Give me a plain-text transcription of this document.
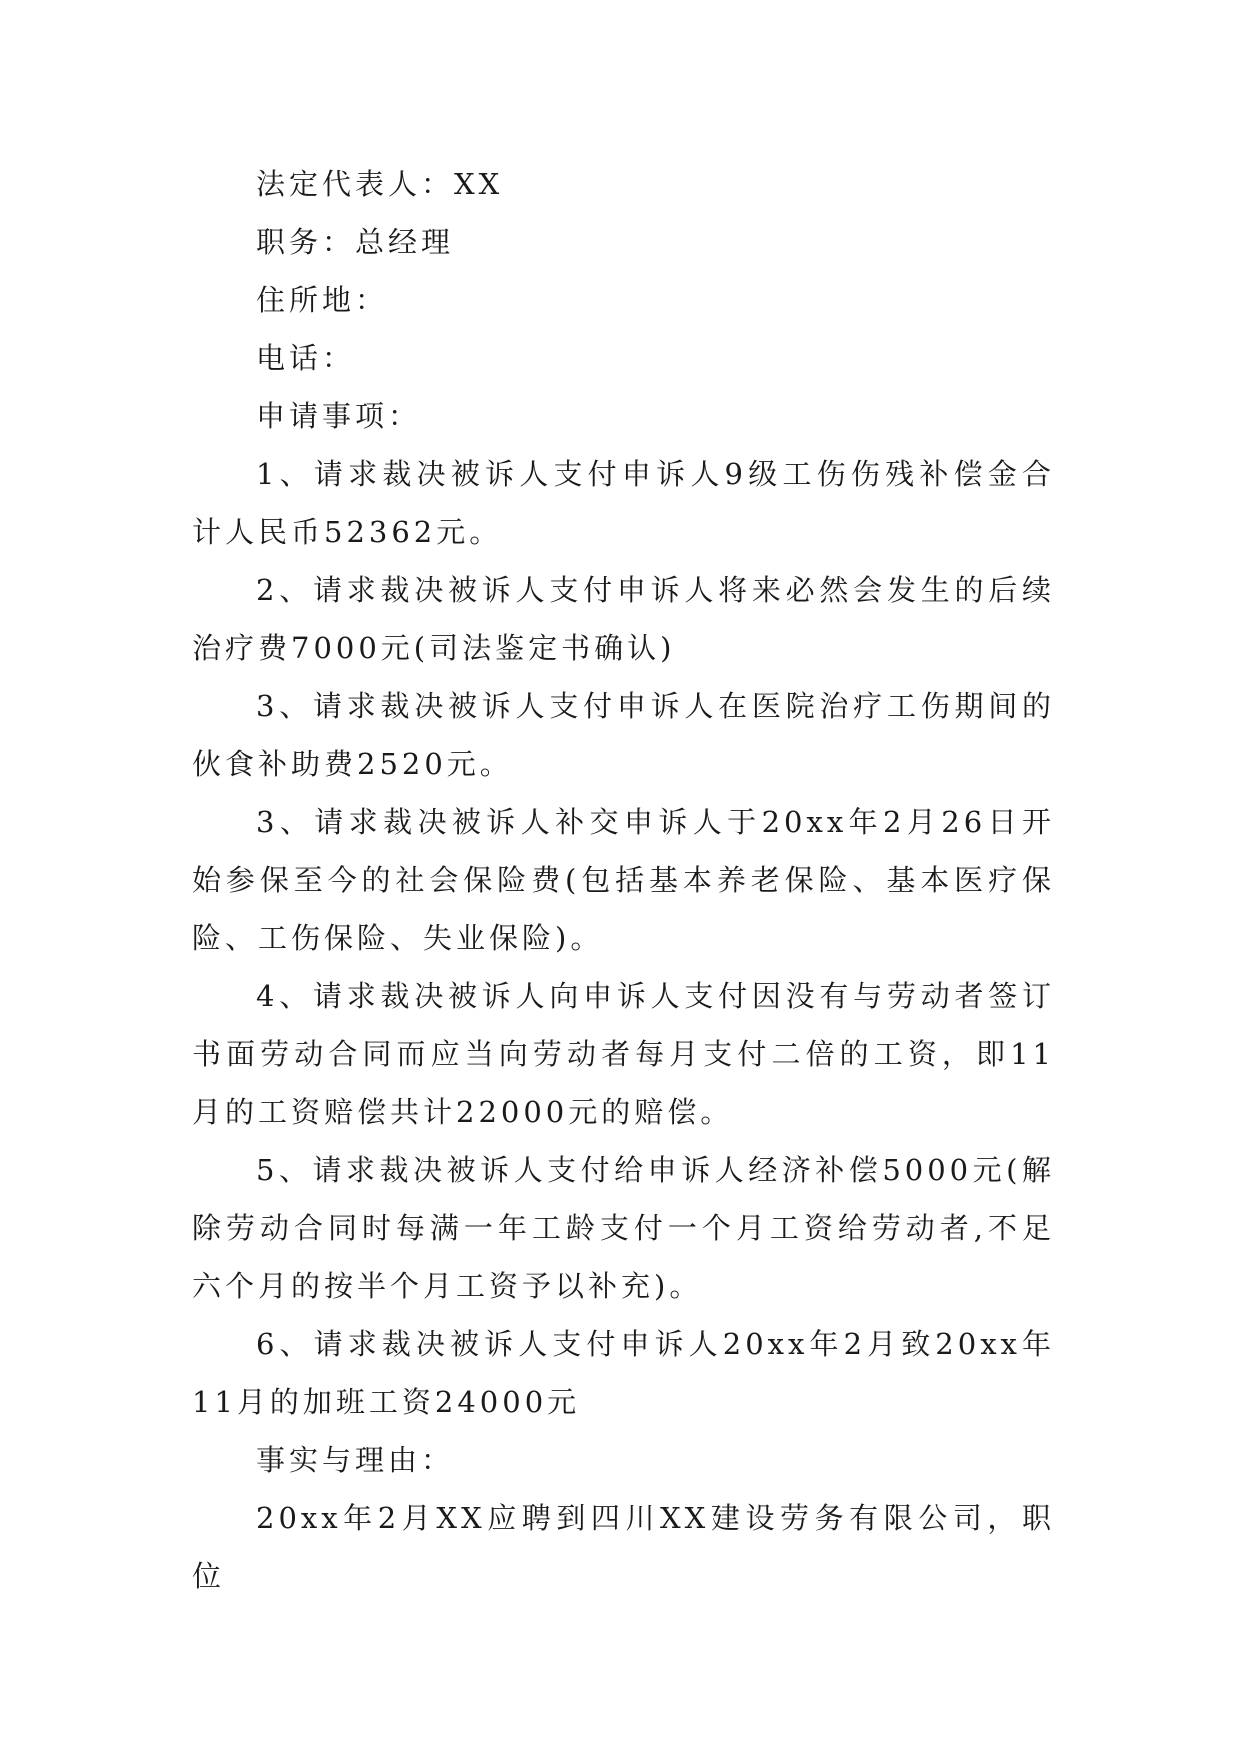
法定代表人：XX

职务：总经理

住所地：

电话：

申请事项：

1、请求裁决被诉人支付申诉人9级工伤伤残补偿金合计人民币52362元。

2、请求裁决被诉人支付申诉人将来必然会发生的后续治疗费7000元(司法鉴定书确认)

3、请求裁决被诉人支付申诉人在医院治疗工伤期间的伙食补助费2520元。

3、请求裁决被诉人补交申诉人于20xx年2月26日开始参保至今的社会保险费(包括基本养老保险、基本医疗保险、工伤保险、失业保险)。

4、请求裁决被诉人向申诉人支付因没有与劳动者签订书面劳动合同而应当向劳动者每月支付二倍的工资，即11月的工资赔偿共计22000元的赔偿。

5、请求裁决被诉人支付给申诉人经济补偿5000元(解除劳动合同时每满一年工龄支付一个月工资给劳动者,不足六个月的按半个月工资予以补充)。

6、请求裁决被诉人支付申诉人20xx年2月致20xx年11月的加班工资24000元

事实与理由：

20xx年2月XX应聘到四川XX建设劳务有限公司，职位
